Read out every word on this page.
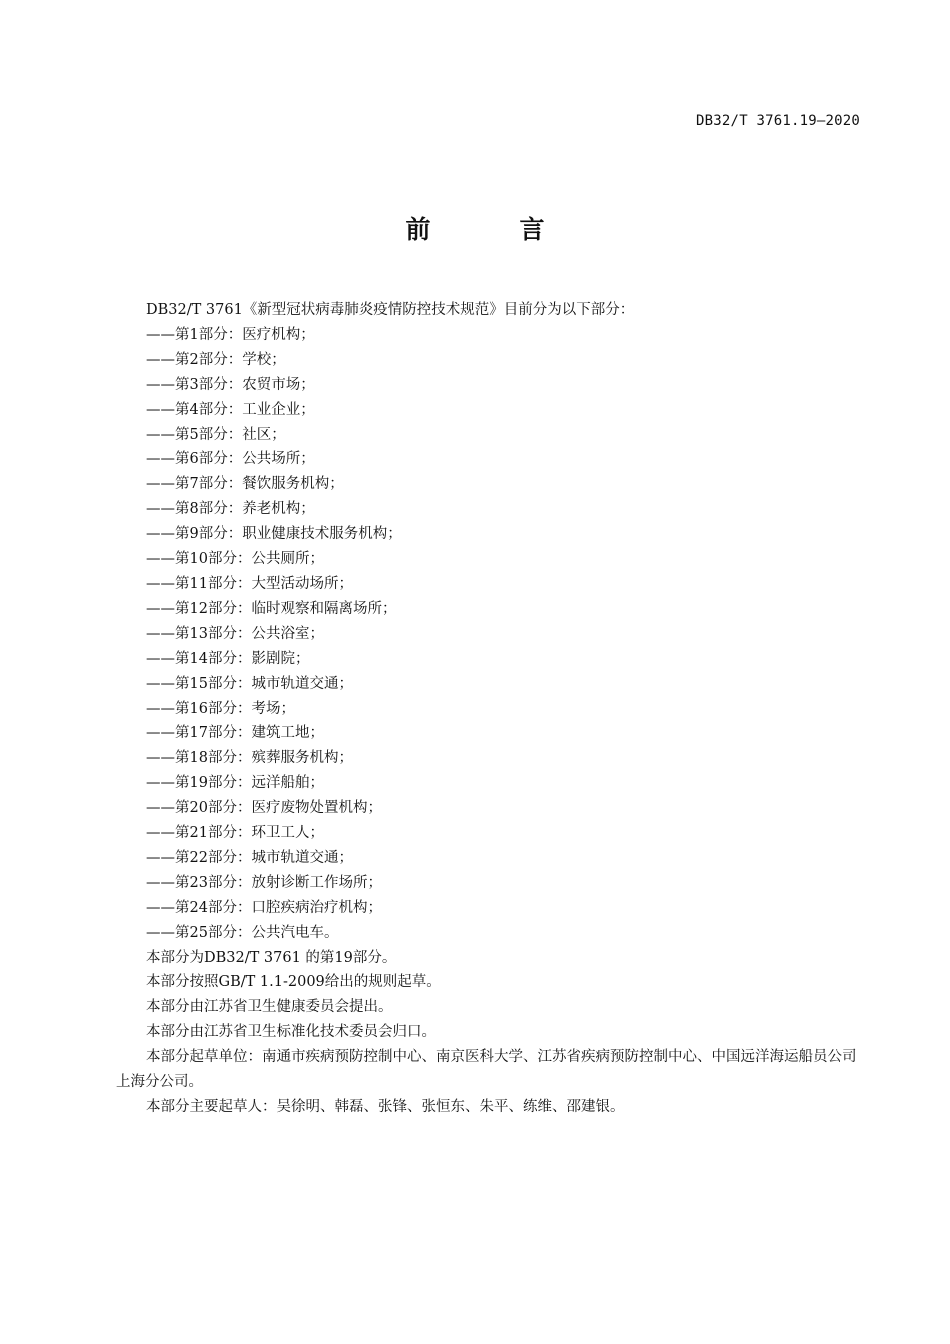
DB32/T 3761.19—2020
前　言

DB32/T 3761《新型冠状病毒肺炎疫情防控技术规范》目前分为以下部分：

——第1部分：医疗机构；
——第2部分：学校；
——第3部分：农贸市场；
——第4部分：工业企业；
——第5部分：社区；
——第6部分：公共场所；
——第7部分：餐饮服务机构；
——第8部分：养老机构；
——第9部分：职业健康技术服务机构；
——第10部分：公共厕所；
——第11部分：大型活动场所；
——第12部分：临时观察和隔离场所；
——第13部分：公共浴室；
——第14部分：影剧院；
——第15部分：城市轨道交通；
——第16部分：考场；
——第17部分：建筑工地；
——第18部分：殡葬服务机构；
——第19部分：远洋船舶；
——第20部分：医疗废物处置机构；
——第21部分：环卫工人；
——第22部分：城市轨道交通；
——第23部分：放射诊断工作场所；
——第24部分：口腔疾病治疗机构；
——第25部分：公共汽电车。

本部分为DB32/T 3761 的第19部分。

本部分按照GB/T 1.1-2009给出的规则起草。

本部分由江苏省卫生健康委员会提出。

本部分由江苏省卫生标准化技术委员会归口。

本部分起草单位：南通市疾病预防控制中心、南京医科大学、江苏省疾病预防控制中心、中国远洋海运船员公司上海分公司。

本部分主要起草人：吴徐明、韩磊、张锋、张恒东、朱平、练维、邵建银。
